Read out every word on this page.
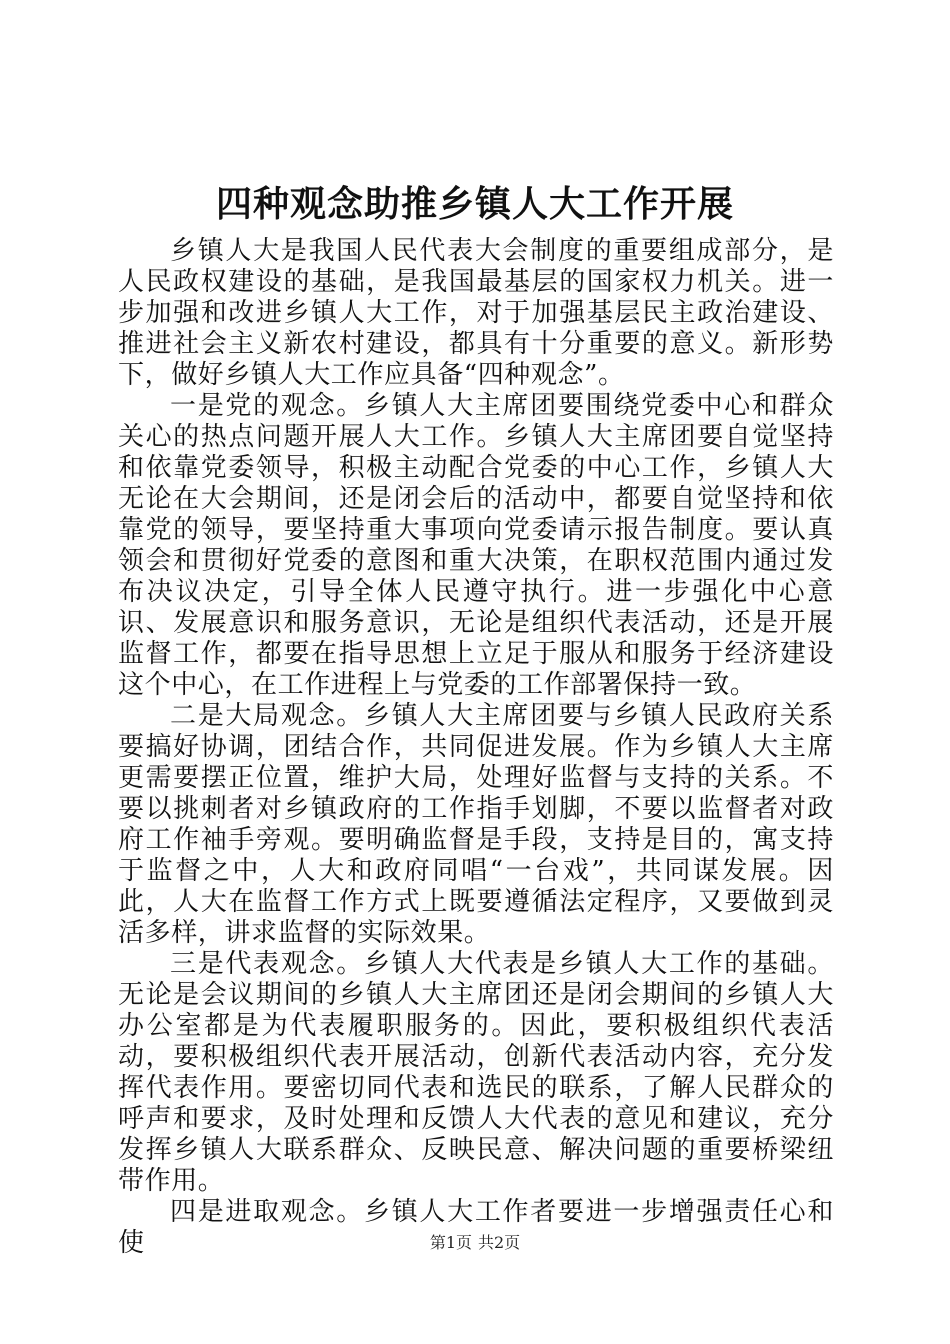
四种观念助推乡镇人大工作开展

乡镇人大是我国人民代表大会制度的重要组成部分，是人民政权建设的基础，是我国最基层的国家权力机关。进一步加强和改进乡镇人大工作，对于加强基层民主政治建设、推进社会主义新农村建设，都具有十分重要的意义。新形势下，做好乡镇人大工作应具备“四种观念”。

一是党的观念。乡镇人大主席团要围绕党委中心和群众关心的热点问题开展人大工作。乡镇人大主席团要自觉坚持和依靠党委领导，积极主动配合党委的中心工作，乡镇人大无论在大会期间，还是闭会后的活动中，都要自觉坚持和依靠党的领导，要坚持重大事项向党委请示报告制度。要认真领会和贯彻好党委的意图和重大决策，在职权范围内通过发布决议决定，引导全体人民遵守执行。进一步强化中心意识、发展意识和服务意识，无论是组织代表活动，还是开展监督工作，都要在指导思想上立足于服从和服务于经济建设这个中心，在工作进程上与党委的工作部署保持一致。

二是大局观念。乡镇人大主席团要与乡镇人民政府关系要搞好协调，团结合作，共同促进发展。作为乡镇人大主席更需要摆正位置，维护大局，处理好监督与支持的关系。不要以挑刺者对乡镇政府的工作指手划脚，不要以监督者对政府工作袖手旁观。要明确监督是手段，支持是目的，寓支持于监督之中，人大和政府同唱“一台戏”，共同谋发展。因此，人大在监督工作方式上既要遵循法定程序，又要做到灵活多样，讲求监督的实际效果。

三是代表观念。乡镇人大代表是乡镇人大工作的基础。无论是会议期间的乡镇人大主席团还是闭会期间的乡镇人大办公室都是为代表履职服务的。因此，要积极组织代表活动，要积极组织代表开展活动，创新代表活动内容，充分发挥代表作用。要密切同代表和选民的联系，了解人民群众的呼声和要求，及时处理和反馈人大代表的意见和建议，充分发挥乡镇人大联系群众、反映民意、解决问题的重要桥梁纽带作用。

四是进取观念。乡镇人大工作者要进一步增强责任心和使	第1页 共2页
